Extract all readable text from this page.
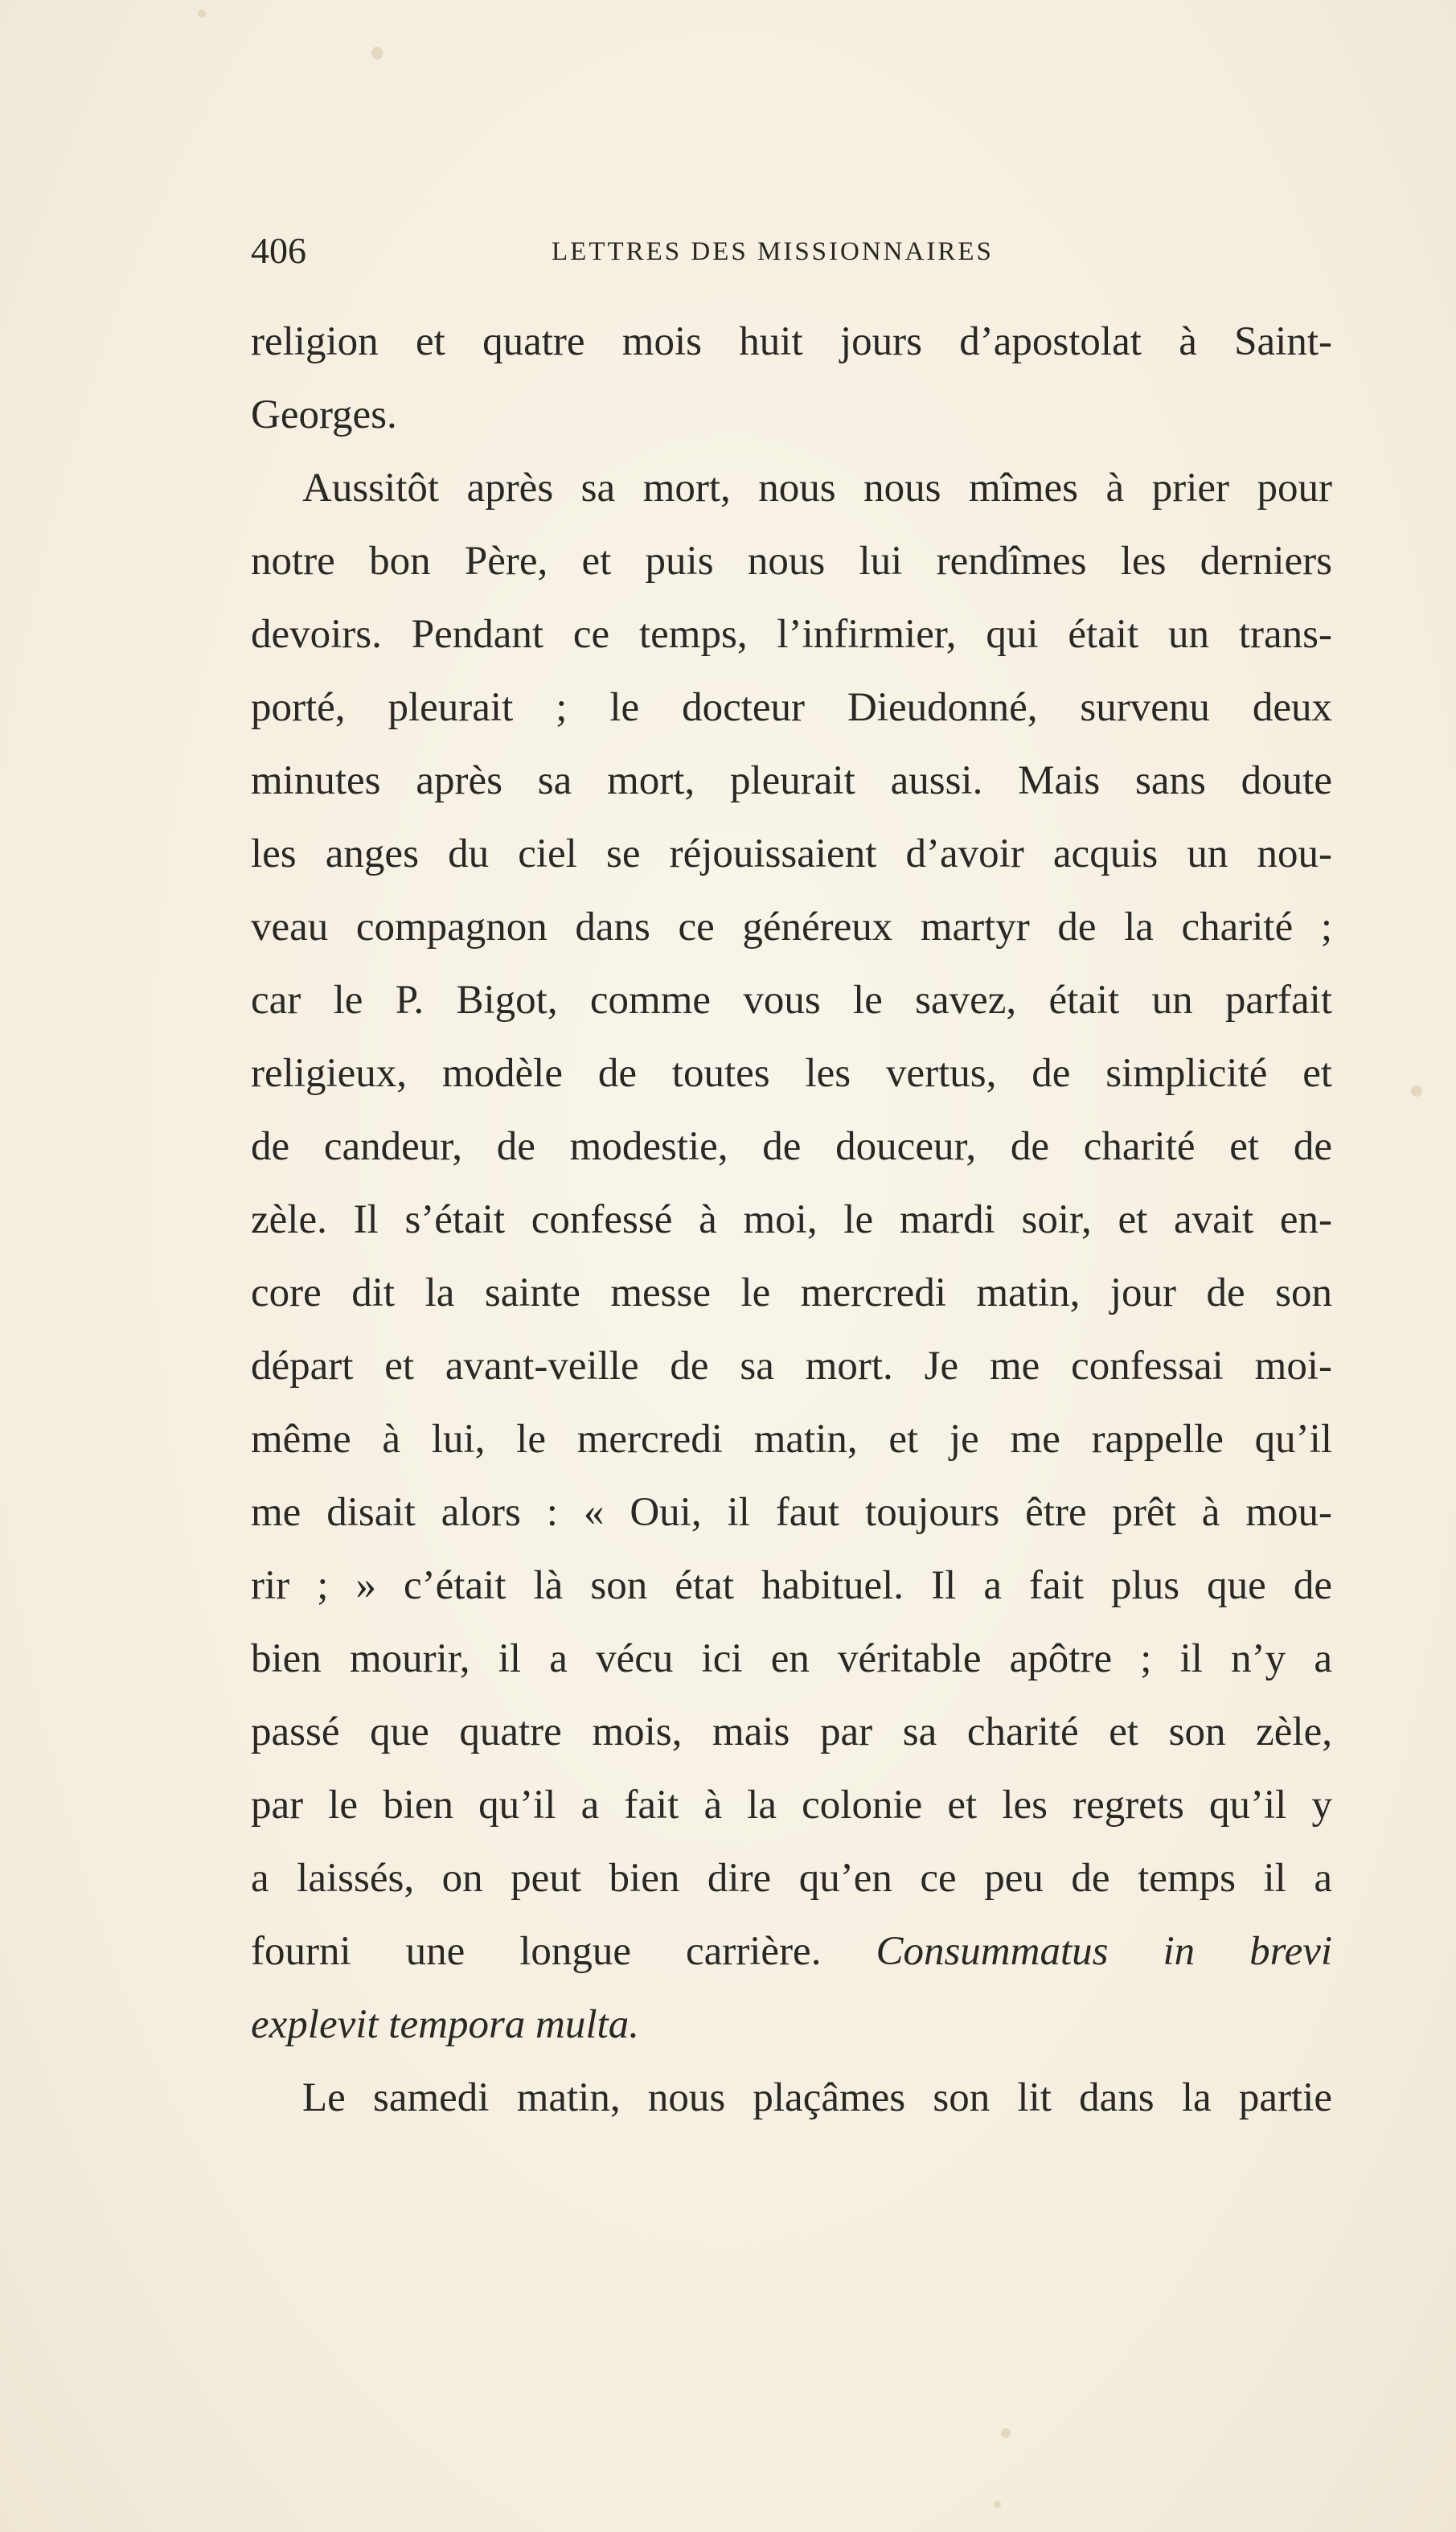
406	LETTRES DES MISSIONNAIRES
religion et quatre mois huit jours d’apostolat à Saint-
Georges.
Aussitôt après sa mort, nous nous mîmes à prier pour
notre bon Père, et puis nous lui rendîmes les derniers
devoirs. Pendant ce temps, l’infirmier, qui était un trans-
porté, pleurait ; le docteur Dieudonné, survenu deux
minutes après sa mort, pleurait aussi. Mais sans doute
les anges du ciel se réjouissaient d’avoir acquis un nou-
veau compagnon dans ce généreux martyr de la charité ;
car le P. Bigot, comme vous le savez, était un parfait
religieux, modèle de toutes les vertus, de simplicité et
de candeur, de modestie, de douceur, de charité et de
zèle. Il s’était confessé à moi, le mardi soir, et avait en-
core dit la sainte messe le mercredi matin, jour de son
départ et avant-veille de sa mort. Je me confessai moi-
même à lui, le mercredi matin, et je me rappelle qu’il
me disait alors : « Oui, il faut toujours être prêt à mou-
rir ; » c’était là son état habituel. Il a fait plus que de
bien mourir, il a vécu ici en véritable apôtre ; il n’y a
passé que quatre mois, mais par sa charité et son zèle,
par le bien qu’il a fait à la colonie et les regrets qu’il y
a laissés, on peut bien dire qu’en ce peu de temps il a
fourni une longue carrière. Consummatus in brevi
explevit tempora multa.
Le samedi matin, nous plaçâmes son lit dans la partie
